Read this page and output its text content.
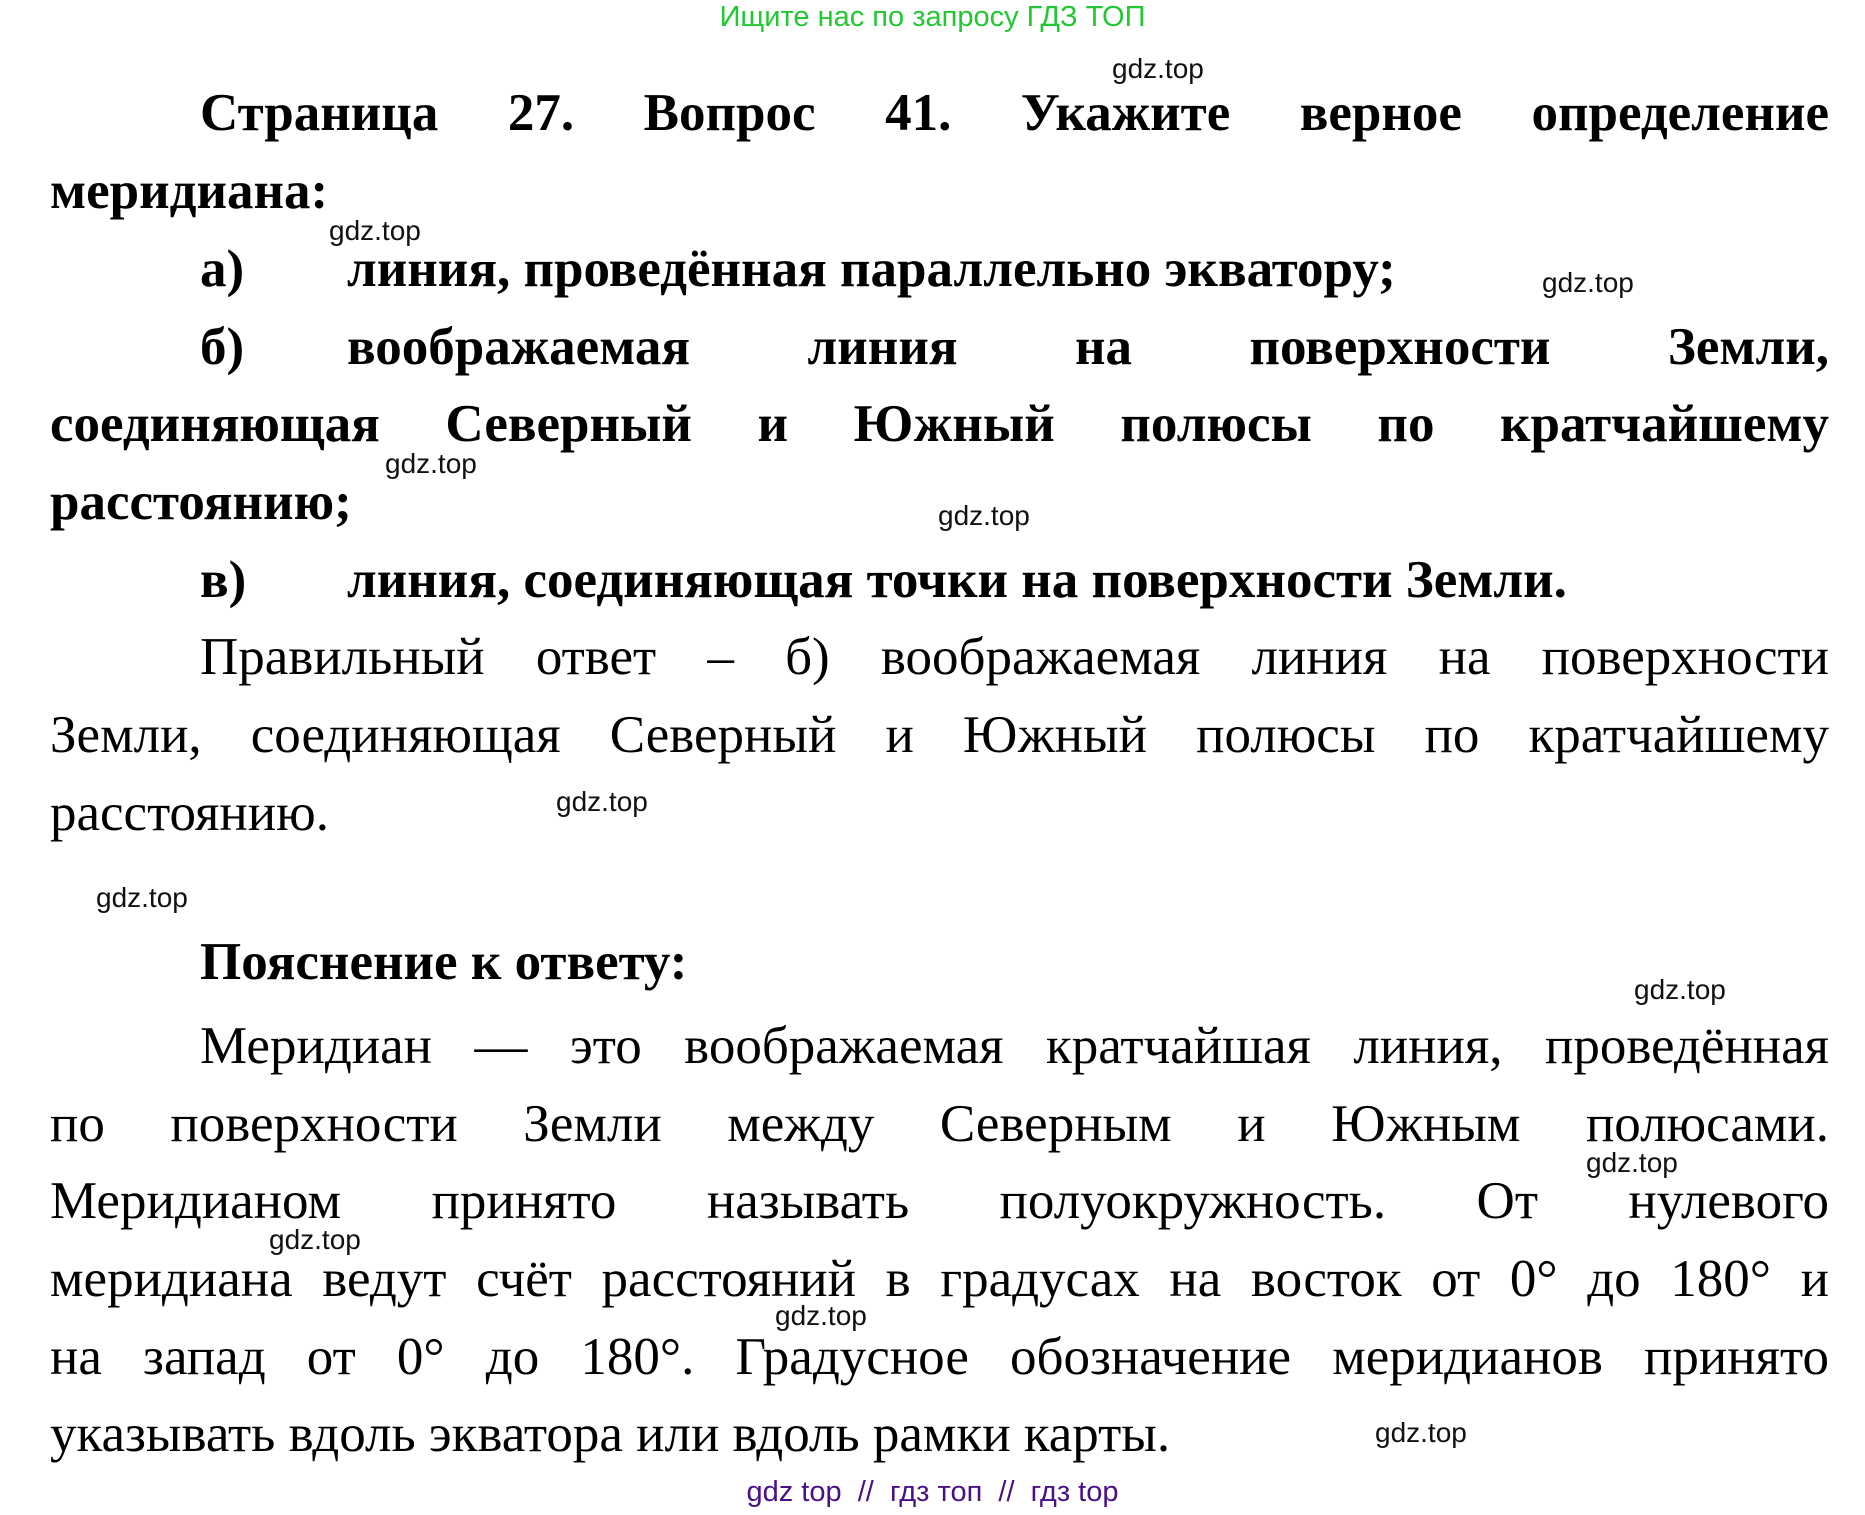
Ищите нас по запросу ГДЗ ТОП
Страница 27. Вопрос 41. Укажите верное определение
меридиана:
а) линия, проведённая параллельно экватору;
б) воображаемая линия на поверхности Земли,
соединяющая Северный и Южный полюсы по кратчайшему
расстоянию;
в) линия, соединяющая точки на поверхности Земли.
Правильный ответ – б) воображаемая линия на поверхности
Земли, соединяющая Северный и Южный полюсы по кратчайшему
расстоянию.
Пояснение к ответу:
Меридиан — это воображаемая кратчайшая линия, проведённая
по поверхности Земли между Северным и Южным полюсами.
Меридианом принято называть полуокружность. От нулевого
меридиана ведут счёт расстояний в градусах на восток от 0° до 180° и
на запад от 0° до 180°. Градусное обозначение меридианов принято
указывать вдоль экватора или вдоль рамки карты.
gdz.top
gdz.top
gdz.top
gdz.top
gdz.top
gdz.top
gdz.top
gdz.top
gdz.top
gdz.top
gdz.top
gdz.top
gdz top  //  гдз топ  //  гдз top
